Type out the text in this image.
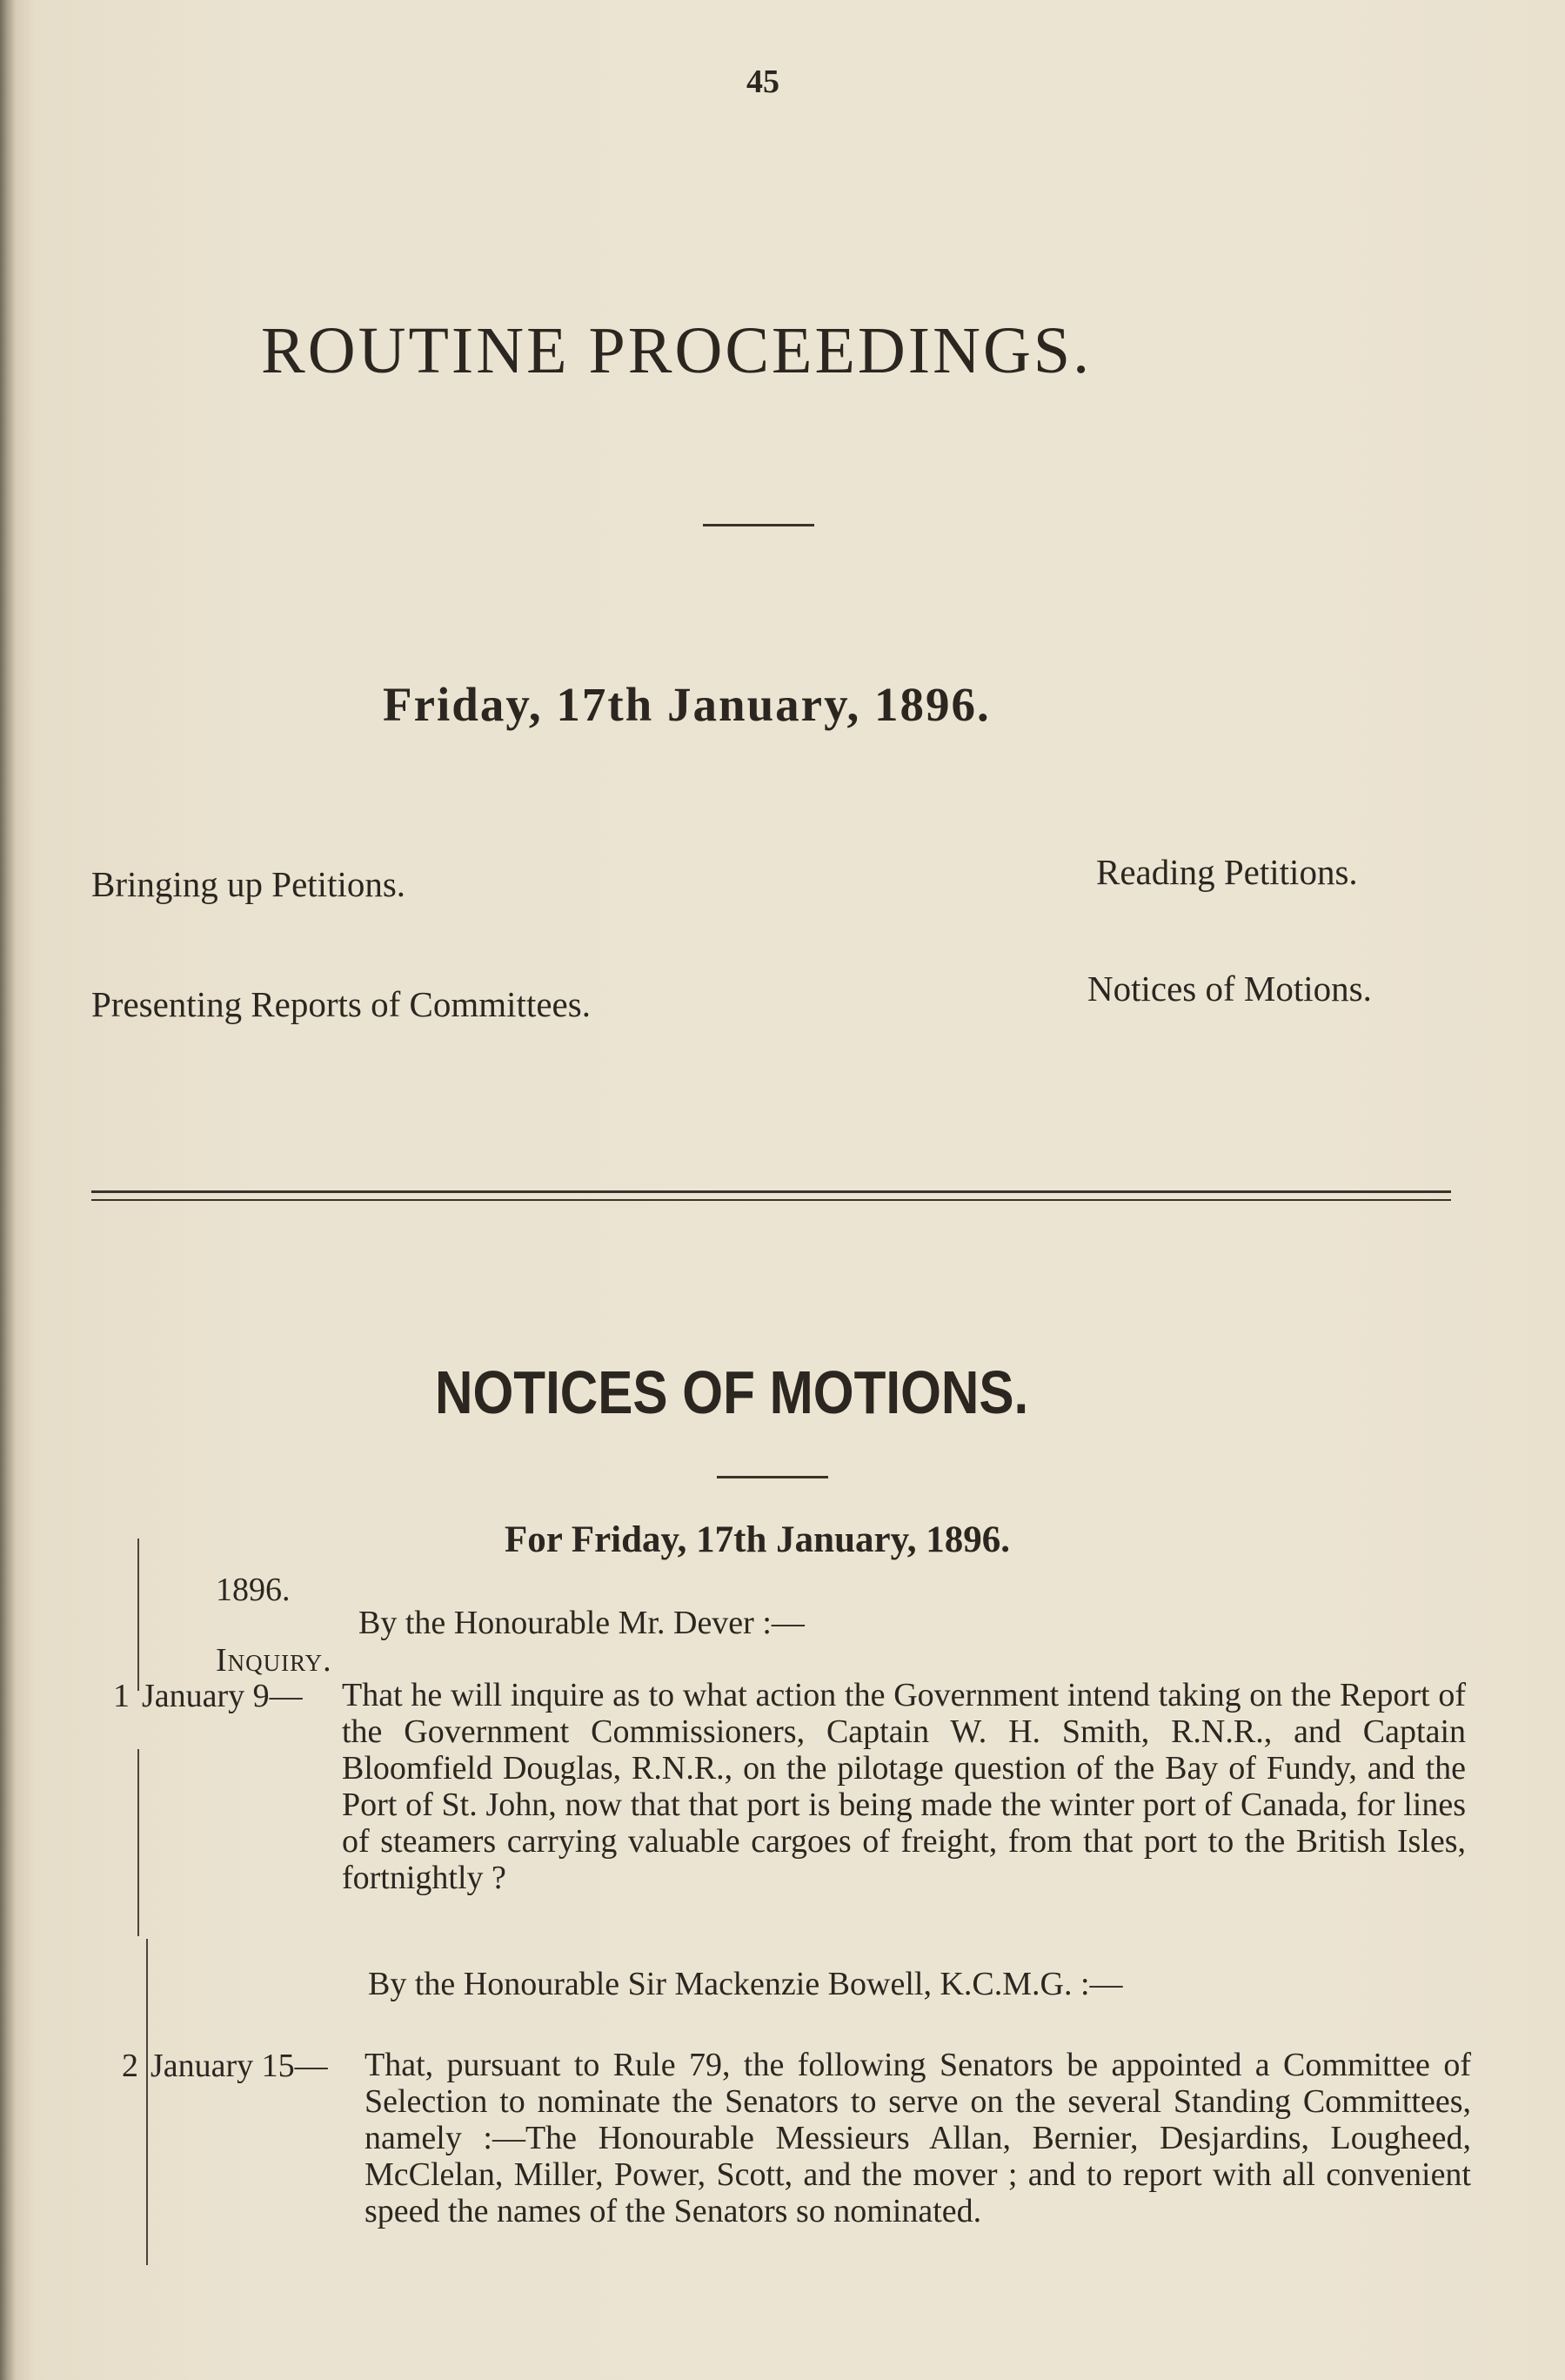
45
ROUTINE PROCEEDINGS.
Friday, 17th January, 1896.
Bringing up Petitions.	Reading Petitions.
Presenting Reports of Committees.	Notices of Motions.
NOTICES OF MOTIONS.
For Friday, 17th January, 1896.
1896.
By the Honourable Mr. Dever :—
Inquiry.
1 January 9— That he will inquire as to what action the Government intend taking on the Report of the Government Commissioners, Captain W. H. Smith, R.N.R., and Captain Bloomfield Douglas, R.N.R., on the pilotage question of the Bay of Fundy, and the Port of St. John, now that that port is being made the winter port of Canada, for lines of steamers carrying valuable cargoes of freight, from that port to the British Isles, fortnightly ?
By the Honourable Sir Mackenzie Bowell, K.C.M.G. :—
2 January 15— That, pursuant to Rule 79, the following Senators be appointed a Committee of Selection to nominate the Senators to serve on the several Standing Committees, namely :—The Honourable Messieurs Allan, Bernier, Desjardins, Lougheed, McClelan, Miller, Power, Scott, and the mover ; and to report with all convenient speed the names of the Senators so nominated.
